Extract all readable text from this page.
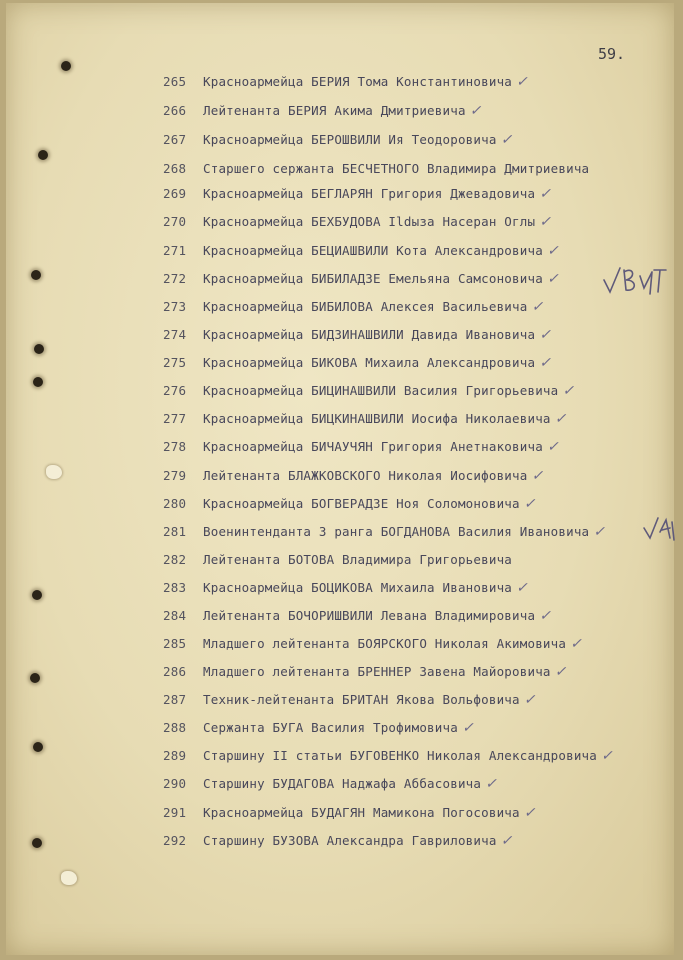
59.
265 Красноармейца БЕРИЯ Тома Константиновича ✓
266 Лейтенанта БЕРИЯ Акима Дмитриевича ✓
267 Красноармейца БЕРОШВИЛИ Ия Теодоровича ✓
268 Старшего сержанта БЕСЧЕТНОГО Владимира Дмитриевича
269 Красноармейца БЕГЛАРЯН Григория Джевадовича ✓
270 Красноармейца БЕХБУДОВА Ildыза Насеран Оглы ✓
271 Красноармейца БЕЦИАШВИЛИ Кота Александровича ✓
272 Красноармейца БИБИЛАДЗЕ Емельяна Самсоновича ✓
273 Красноармейца БИБИЛОВА Алексея Васильевича ✓
274 Красноармейца БИДЗИНАШВИЛИ Давида Ивановича ✓
275 Красноармейца БИКОВА Михаила Александровича ✓
276 Красноармейца БИЦИНАШВИЛИ Василия Григорьевича ✓
277 Красноармейца БИЦКИНАШВИЛИ Иосифа Николаевича ✓
278 Красноармейца БИЧАУЧЯН Григория Анетнаковича ✓
279 Лейтенанта БЛАЖКОВСКОГО Николая Иосифовича ✓
280 Красноармейца БОГВЕРАДЗЕ Ноя Соломоновича ✓
281 Военинтенданта 3 ранга БОГДАНОВА Василия Ивановича ✓
282 Лейтенанта БОТОВА Владимира Григорьевича
283 Красноармейца БОЦИКОВА Михаила Ивановича ✓
284 Лейтенанта БОЧОРИШВИЛИ Левана Владимировича ✓
285 Младшего лейтенанта БОЯРСКОГО Николая Акимовича ✓
286 Младшего лейтенанта БРЕННЕР Завена Майоровича ✓
287 Техник-лейтенанта БРИТАН Якова Вольфовича ✓
288 Сержанта БУГА Василия Трофимовича ✓
289 Старшину II статьи БУГОВЕНКО Николая Александровича ✓
290 Старшину БУДАГОВА Наджафа Аббасовича ✓
291 Красноармейца БУДАГЯН Мамикона Погосовича ✓
292 Старшину БУЗОВА Александра Гавриловича ✓
